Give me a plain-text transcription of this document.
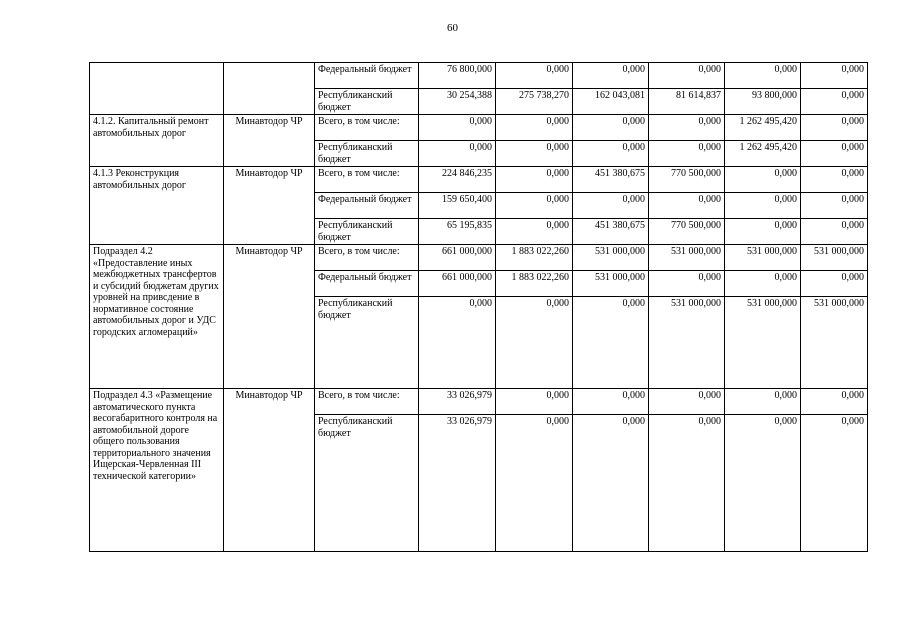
60
		Федеральный бюджет	76 800,000	0,000	0,000	0,000	0,000	0,000
		Республиканский бюджет	30 254,388	275 738,270	162 043,081	81 614,837	93 800,000	0,000
4.1.2. Капитальный ремонт автомобильных дорог	Минавтодор ЧР	Всего, в том числе:	0,000	0,000	0,000	0,000	1 262 495,420	0,000
		Республиканский бюджет	0,000	0,000	0,000	0,000	1 262 495,420	0,000
4.1.3 Реконструкция автомобильных дорог	Минавтодор ЧР	Всего, в том числе:	224 846,235	0,000	451 380,675	770 500,000	0,000	0,000
		Федеральный бюджет	159 650,400	0,000	0,000	0,000	0,000	0,000
		Республиканский бюджет	65 195,835	0,000	451 380,675	770 500,000	0,000	0,000
Подраздел 4.2 «Предоставление иных межбюджетных трансфертов и субсидий бюджетам других уровней на привсдение в нормативное состояние автомобильных дорог и УДС городских агломераций»	Минавтодор ЧР	Всего, в том числе:	661 000,000	1 883 022,260	531 000,000	531 000,000	531 000,000	531 000,000
		Федеральный бюджет	661 000,000	1 883 022,260	531 000,000	0,000	0,000	0,000
		Республиканский бюджет	0,000	0,000	0,000	531 000,000	531 000,000	531 000,000
Подраздел 4.3 «Размещение автоматического пункта весогабаритного контроля на автомобильной дороге общего пользования территориального значения Ищерская-Червленная III технической категории»	Минавтодор ЧР	Всего, в том числе:	33 026,979	0,000	0,000	0,000	0,000	0,000
		Республиканский бюджет	33 026,979	0,000	0,000	0,000	0,000	0,000
